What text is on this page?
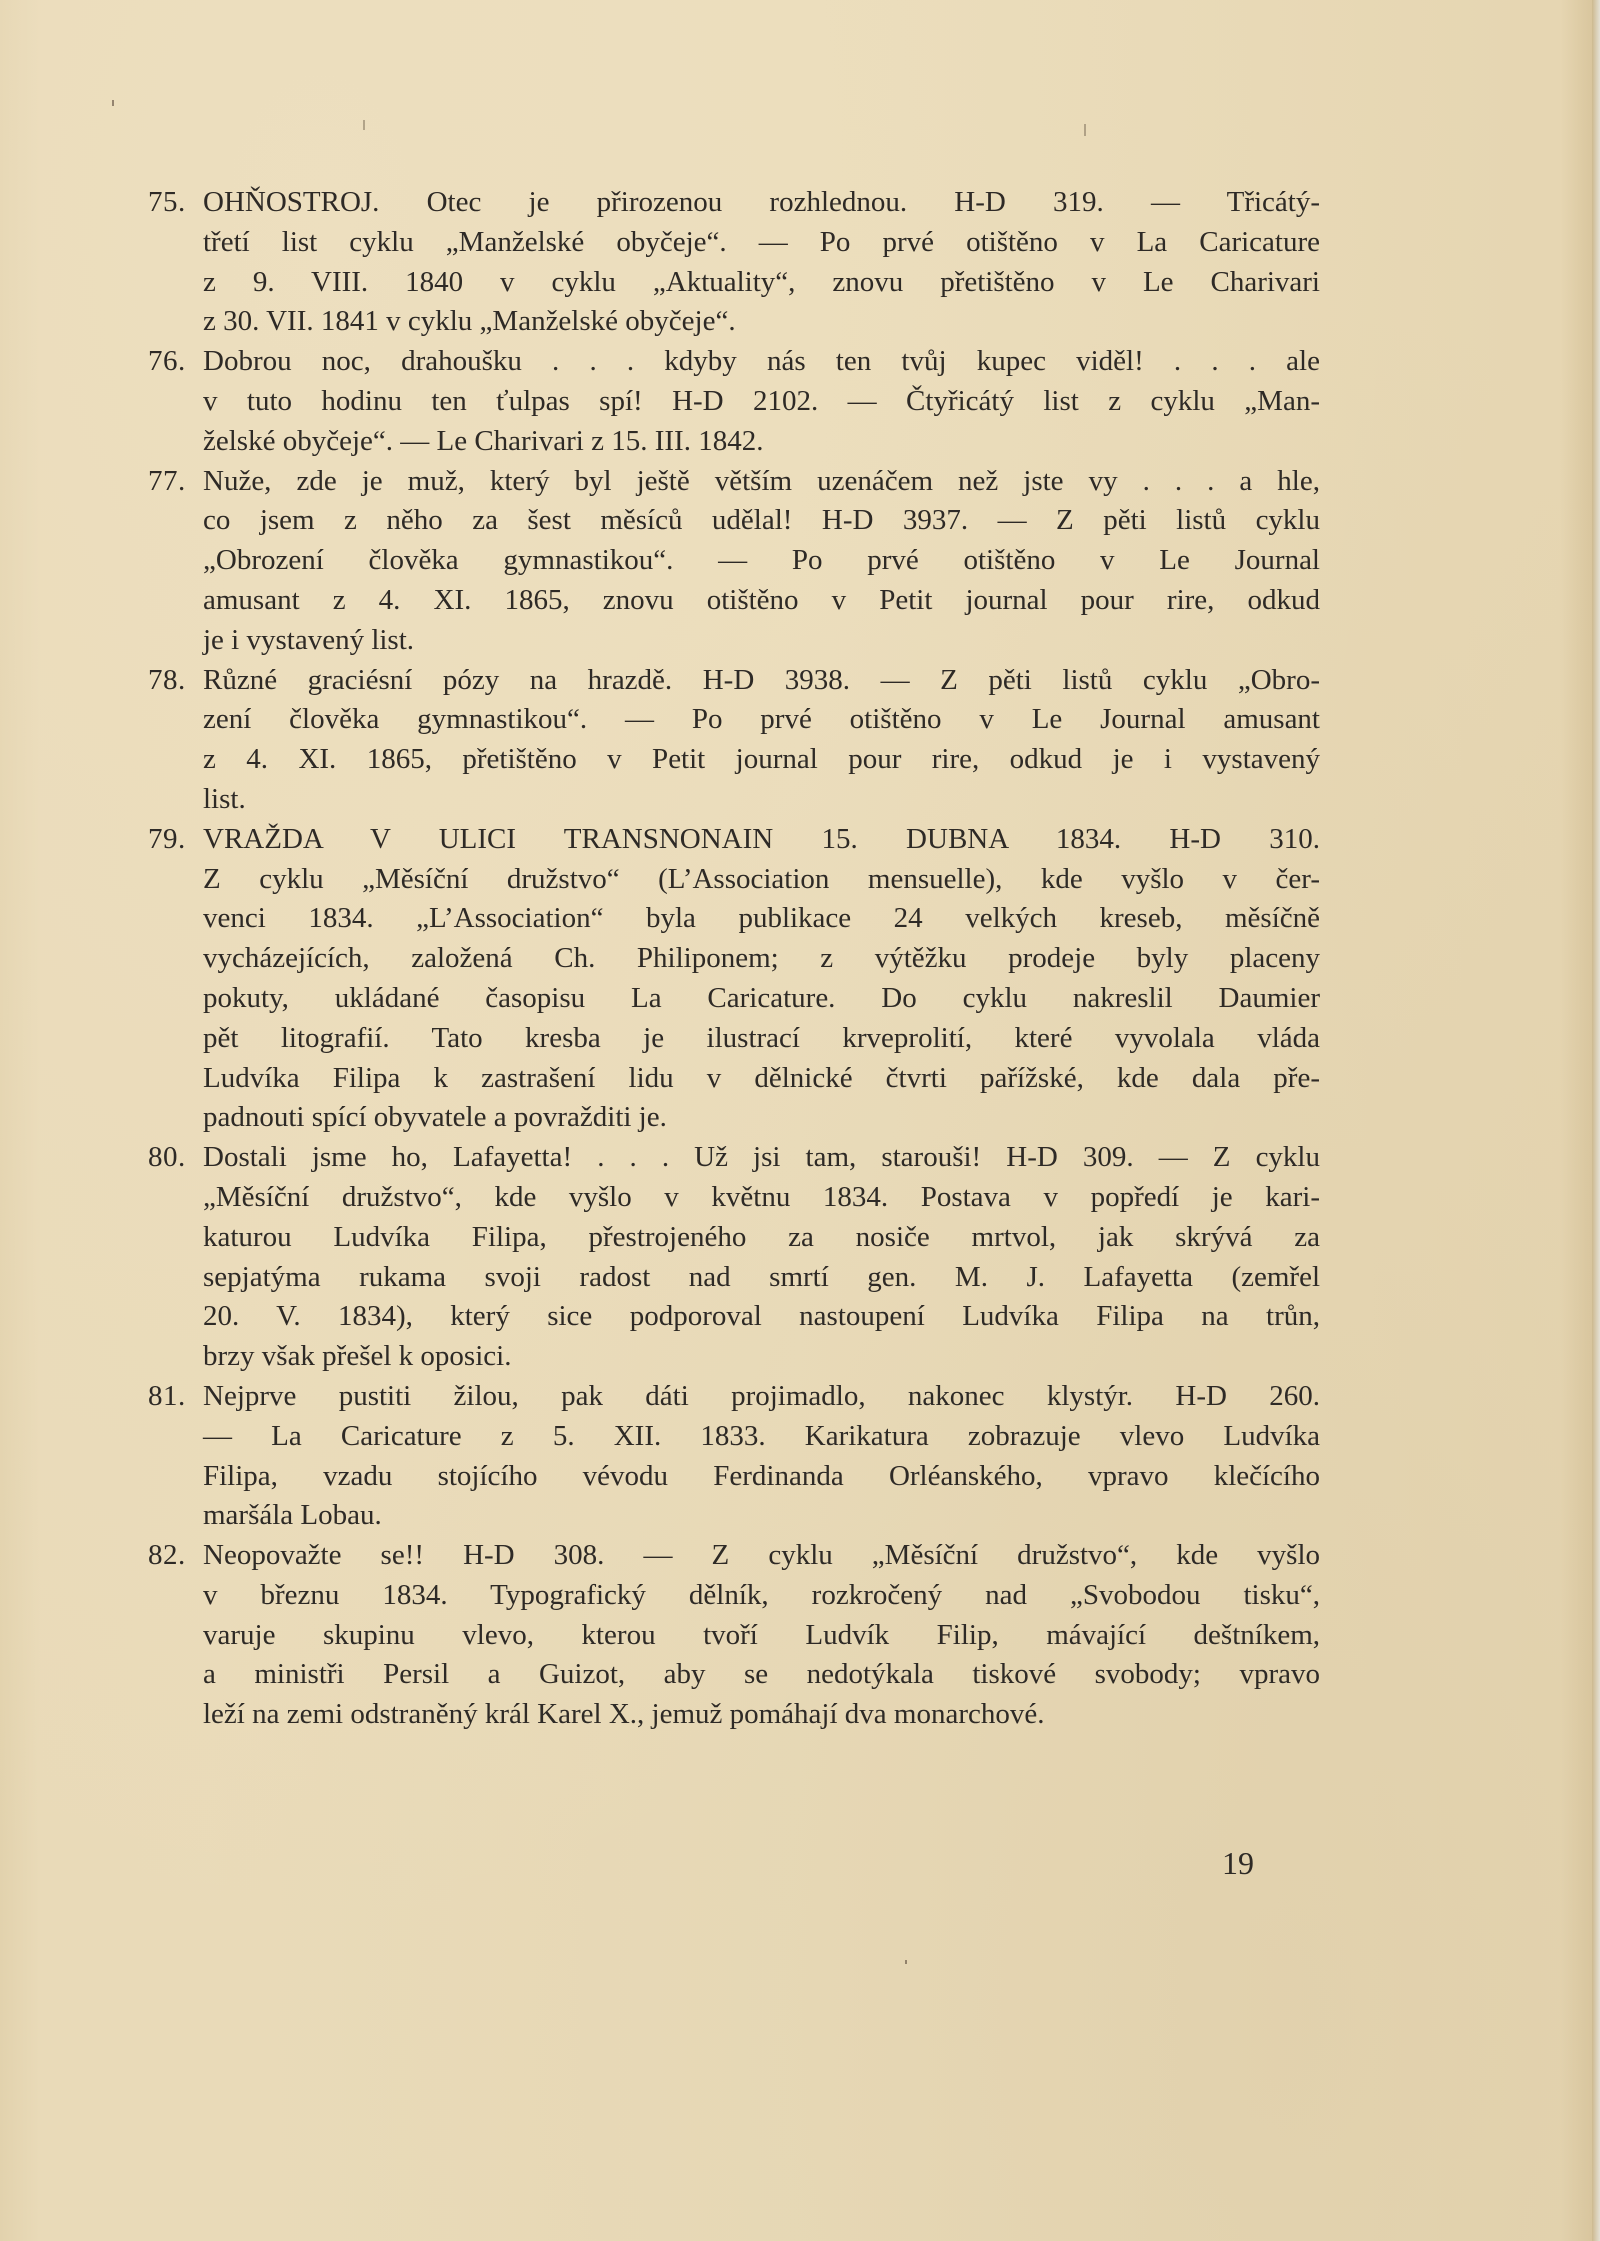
75. OHŇOSTROJ. Otec je přirozenou rozhlednou. H-D 319. — Třicátý-
třetí list cyklu „Manželské obyčeje“. — Po prvé otištěno v La Caricature
z 9. VIII. 1840 v cyklu „Aktuality“, znovu přetištěno v Le Charivari
z 30. VII. 1841 v cyklu „Manželské obyčeje“.
76. Dobrou noc, drahoušku . . . kdyby nás ten tvůj kupec viděl! . . . ale
v tuto hodinu ten ťulpas spí! H-D 2102. — Čtyřicátý list z cyklu „Man-
želské obyčeje“. — Le Charivari z 15. III. 1842.
77. Nuže, zde je muž, který byl ještě větším uzenáčem než jste vy . . . a hle,
co jsem z něho za šest měsíců udělal! H-D 3937. — Z pěti listů cyklu
„Obrození člověka gymnastikou“. — Po prvé otištěno v Le Journal
amusant z 4. XI. 1865, znovu otištěno v Petit journal pour rire, odkud
je i vystavený list.
78. Různé graciésní pózy na hrazdě. H-D 3938. — Z pěti listů cyklu „Obro-
zení člověka gymnastikou“. — Po prvé otištěno v Le Journal amusant
z 4. XI. 1865, přetištěno v Petit journal pour rire, odkud je i vystavený
list.
79. VRAŽDA V ULICI TRANSNONAIN 15. DUBNA 1834. H-D 310.
Z cyklu „Měsíční družstvo“ (L’Association mensuelle), kde vyšlo v čer-
venci 1834. „L’Association“ byla publikace 24 velkých kreseb, měsíčně
vycházejících, založená Ch. Philiponem; z výtěžku prodeje byly placeny
pokuty, ukládané časopisu La Caricature. Do cyklu nakreslil Daumier
pět litografií. Tato kresba je ilustrací krveprolití, které vyvolala vláda
Ludvíka Filipa k zastrašení lidu v dělnické čtvrti pařížské, kde dala pře-
padnouti spící obyvatele a povražditi je.
80. Dostali jsme ho, Lafayetta! . . . Už jsi tam, starouši! H-D 309. — Z cyklu
„Měsíční družstvo“, kde vyšlo v květnu 1834. Postava v popředí je kari-
katurou Ludvíka Filipa, přestrojeného za nosiče mrtvol, jak skrývá za
sepjatýma rukama svoji radost nad smrtí gen. M. J. Lafayetta (zemřel
20. V. 1834), který sice podporoval nastoupení Ludvíka Filipa na trůn,
brzy však přešel k oposici.
81. Nejprve pustiti žilou, pak dáti projimadlo, nakonec klystýr. H-D 260.
— La Caricature z 5. XII. 1833. Karikatura zobrazuje vlevo Ludvíka
Filipa, vzadu stojícího vévodu Ferdinanda Orléanského, vpravo klečícího
maršála Lobau.
82. Neopovažte se!! H-D 308. — Z cyklu „Měsíční družstvo“, kde vyšlo
v březnu 1834. Typografický dělník, rozkročený nad „Svobodou tisku“,
varuje skupinu vlevo, kterou tvoří Ludvík Filip, mávající deštníkem,
a ministři Persil a Guizot, aby se nedotýkala tiskové svobody; vpravo
leží na zemi odstraněný král Karel X., jemuž pomáhají dva monarchové.
19
